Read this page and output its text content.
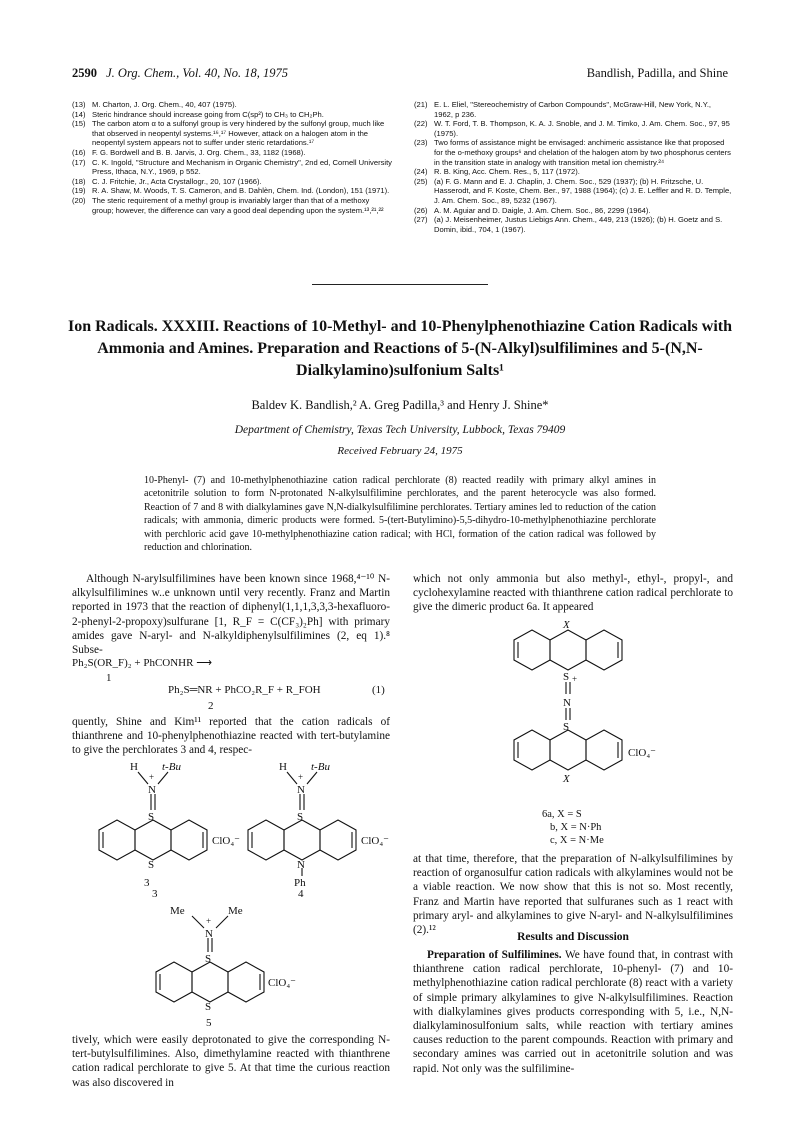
2590 J. Org. Chem., Vol. 40, No. 18, 1975	Bandlish, Padilla, and Shine
(13) M. Charton, J. Org. Chem., 40, 407 (1975).
(14) Steric hindrance should increase going from C(sp²) to CH₃ to CH₂Ph.
(15) The carbon atom α to a sulfonyl group is very hindered by the sulfonyl group, much like that observed in neopentyl systems.¹⁶,¹⁷ However, attack on a halogen atom in the neopentyl system appears not to suffer under steric retardations.¹⁷
(16) F. G. Bordwell and B. B. Jarvis, J. Org. Chem., 33, 1182 (1968).
(17) C. K. Ingold, "Structure and Mechanism in Organic Chemistry", 2nd ed, Cornell University Press, Ithaca, N.Y., 1969, p 552.
(18) C. J. Fritchie, Jr., Acta Crystallogr., 20, 107 (1966).
(19) R. A. Shaw, M. Woods, T. S. Cameron, and B. Dahlèn, Chem. Ind. (London), 151 (1971).
(20) The steric requirement of a methyl group is invariably larger than that of a methoxy group; however, the difference can vary a good deal depending upon the system.¹³,²¹,²²
(21) E. L. Eliel, "Stereochemistry of Carbon Compounds", McGraw-Hill, New York, N.Y., 1962, p 236.
(22) W. T. Ford, T. B. Thompson, K. A. J. Snoble, and J. M. Timko, J. Am. Chem. Soc., 97, 95 (1975).
(23) Two forms of assistance might be envisaged: anchimeric assistance like that proposed for the o-methoxy groups⁶ and chelation of the halogen atom by two phosphorus centers in the transition state in analogy with transition metal ion chemistry.²⁴
(24) R. B. King, Acc. Chem. Res., 5, 117 (1972).
(25) (a) F. G. Mann and E. J. Chaplin, J. Chem. Soc., 529 (1937); (b) H. Fritzsche, U. Hasserodt, and F. Koste, Chem. Ber., 97, 1988 (1964); (c) J. E. Leffler and R. D. Temple, J. Am. Chem. Soc., 89, 5232 (1967).
(26) A. M. Aguiar and D. Daigle, J. Am. Chem. Soc., 86, 2299 (1964).
(27) (a) J. Meisenheimer, Justus Liebigs Ann. Chem., 449, 213 (1926); (b) H. Goetz and S. Domin, ibid., 704, 1 (1967).
Ion Radicals. XXXIII. Reactions of 10-Methyl- and 10-Phenylphenothiazine Cation Radicals with Ammonia and Amines. Preparation and Reactions of 5-(N-Alkyl)sulfilimines and 5-(N,N-Dialkylamino)sulfonium Salts¹
Baldev K. Bandlish,² A. Greg Padilla,³ and Henry J. Shine*
Department of Chemistry, Texas Tech University, Lubbock, Texas 79409
Received February 24, 1975
10-Phenyl- (7) and 10-methylphenothiazine cation radical perchlorate (8) reacted readily with primary alkyl amines in acetonitrile solution to form N-protonated N-alkylsulfilimine perchlorates, and the parent heterocycle was also formed. Reaction of 7 and 8 with dialkylamines gave N,N-dialkylsulfilimine perchlorates. Tertiary amines led to reduction of the cation radicals; with ammonia, dimeric products were formed. 5-(tert-Butylimino)-5,5-dihydro-10-methylphenothiazine perchlorate with perchloric acid gave 10-methylphenothiazine cation radical; with HCl, formation of the cation radical was followed by reduction and chlorination.
Although N-arylsulfilimines have been known since 1968,⁴⁻¹⁰ N-alkylsulfilimines w..e unknown until very recently. Franz and Martin reported in 1973 that the reaction of diphenyl(1,1,1,3,3,3-hexafluoro-2-phenyl-2-propoxy)sulfurane [1, R_F = C(CF₃)₂Ph] with primary amides gave N-aryl- and N-alkyldiphenylsulfilimines (2, eq 1).⁸ Subse-
Ph₂S(OR_F)₂ + PhCONHR ⟶
1
Ph₂S═NR + PhCO₂R_F + R_FOH	(1)
2
quently, Shine and Kim¹¹ reported that the cation radicals of thianthrene and 10-phenylphenothiazine reacted with tert-butylamine to give the perchlorates 3 and 4, respec-
H
+
t-Bu
N
S
S
ClO₄⁻
3
H
+
t-Bu
N
S
N
Ph
ClO₄⁻
3	4
Me
+
Me
N
S
S
ClO₄⁻
5
tively, which were easily deprotonated to give the corresponding N-tert-butylsulfilimines. Also, dimethylamine reacted with thianthrene cation radical perchlorate to give 5. At that time the curious reaction was also discovered in
which not only ammonia but also methyl-, ethyl-, propyl-, and cyclohexylamine reacted with thianthrene cation radical perchlorate to give the dimeric product 6a. It appeared
X
S +
N
S
X
ClO₄⁻
6a, X = S
b, X = N·Ph
c, X = N·Me
at that time, therefore, that the preparation of N-alkylsulfilimines by reaction of organosulfur cation radicals with alkylamines would not be a viable reaction. We now show that this is not so. Most recently, Franz and Martin have reported that sulfuranes such as 1 react with primary aryl- and alkylamines to give N-aryl- and N-alkylsulfilimines (2).¹²
Results and Discussion
Preparation of Sulfilimines. We have found that, in contrast with thianthrene cation radical perchlorate, 10-phenyl- (7) and 10-methylphenothiazine cation radical perchlorate (8) react with a variety of simple primary alkylamines to give N-alkylsulfilimines. Reaction with dialkylamines gives products corresponding with 5, i.e., N,N-dialkylaminosulfonium salts, while reaction with tertiary amines causes reduction to the parent compounds. Reaction with primary and secondary amines was carried out in acetonitrile solution and was rapid. Not only was the sulfilimine-
